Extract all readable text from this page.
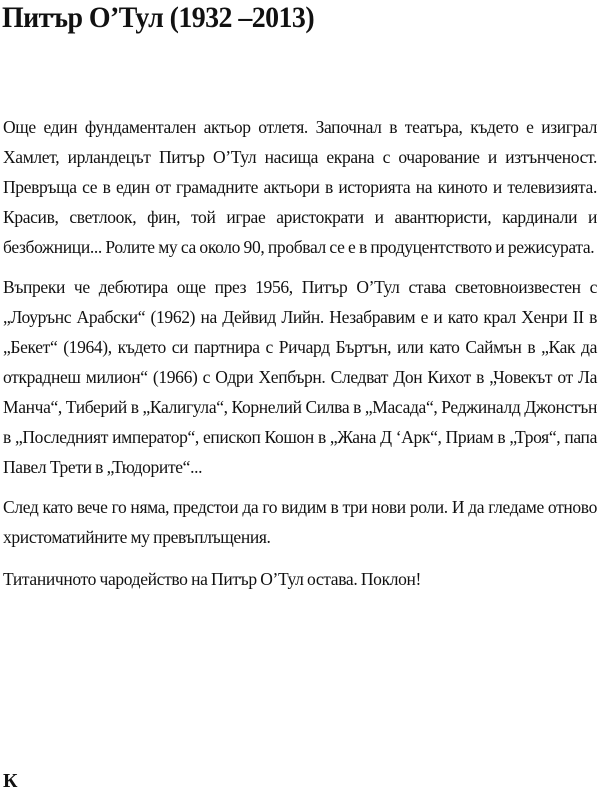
Питър О’Тул (1932 –2013)

Още един фундаментален актьор отлетя. Започнал в театъра, където е изиграл Хамлет, ирландецът Питър О’Тул насища екрана с очарование и изтънченост. Превръща се в един от грамадните актьори в историята на киното и телевизията. Красив, светлоок, фин, той играе аристократи и авантюристи, кардинали и безбожници... Ролите му са около 90, пробвал се е в продуцентството и режисурата.

Въпреки че дебютира още през 1956, Питър О’Тул става световноизвестен с „Лоурънс Арабски“ (1962) на Дейвид Лийн. Незабравим е и като крал Хенри II в „Бекет“ (1964), където си партнира с Ричард Бъртън, или като Саймън в „Как да откраднеш милион“ (1966) с Одри Хепбърн. Следват Дон Кихот в „Човекът от Ла Манча“, Тиберий в „Калигула“, Корнелий Силва в „Масада“, Реджиналд Джонстън в „Последният император“, епископ Кошон в „Жана Д ‘Арк“, Приам в „Троя“, папа Павел Трети в „Тюдорите“...

След като вече го няма, предстои да го видим в три нови роли. И да гледаме отново христоматийните му превъплъщения.

Титаничното чародейство на Питър О’Тул остава. Поклон!

К
